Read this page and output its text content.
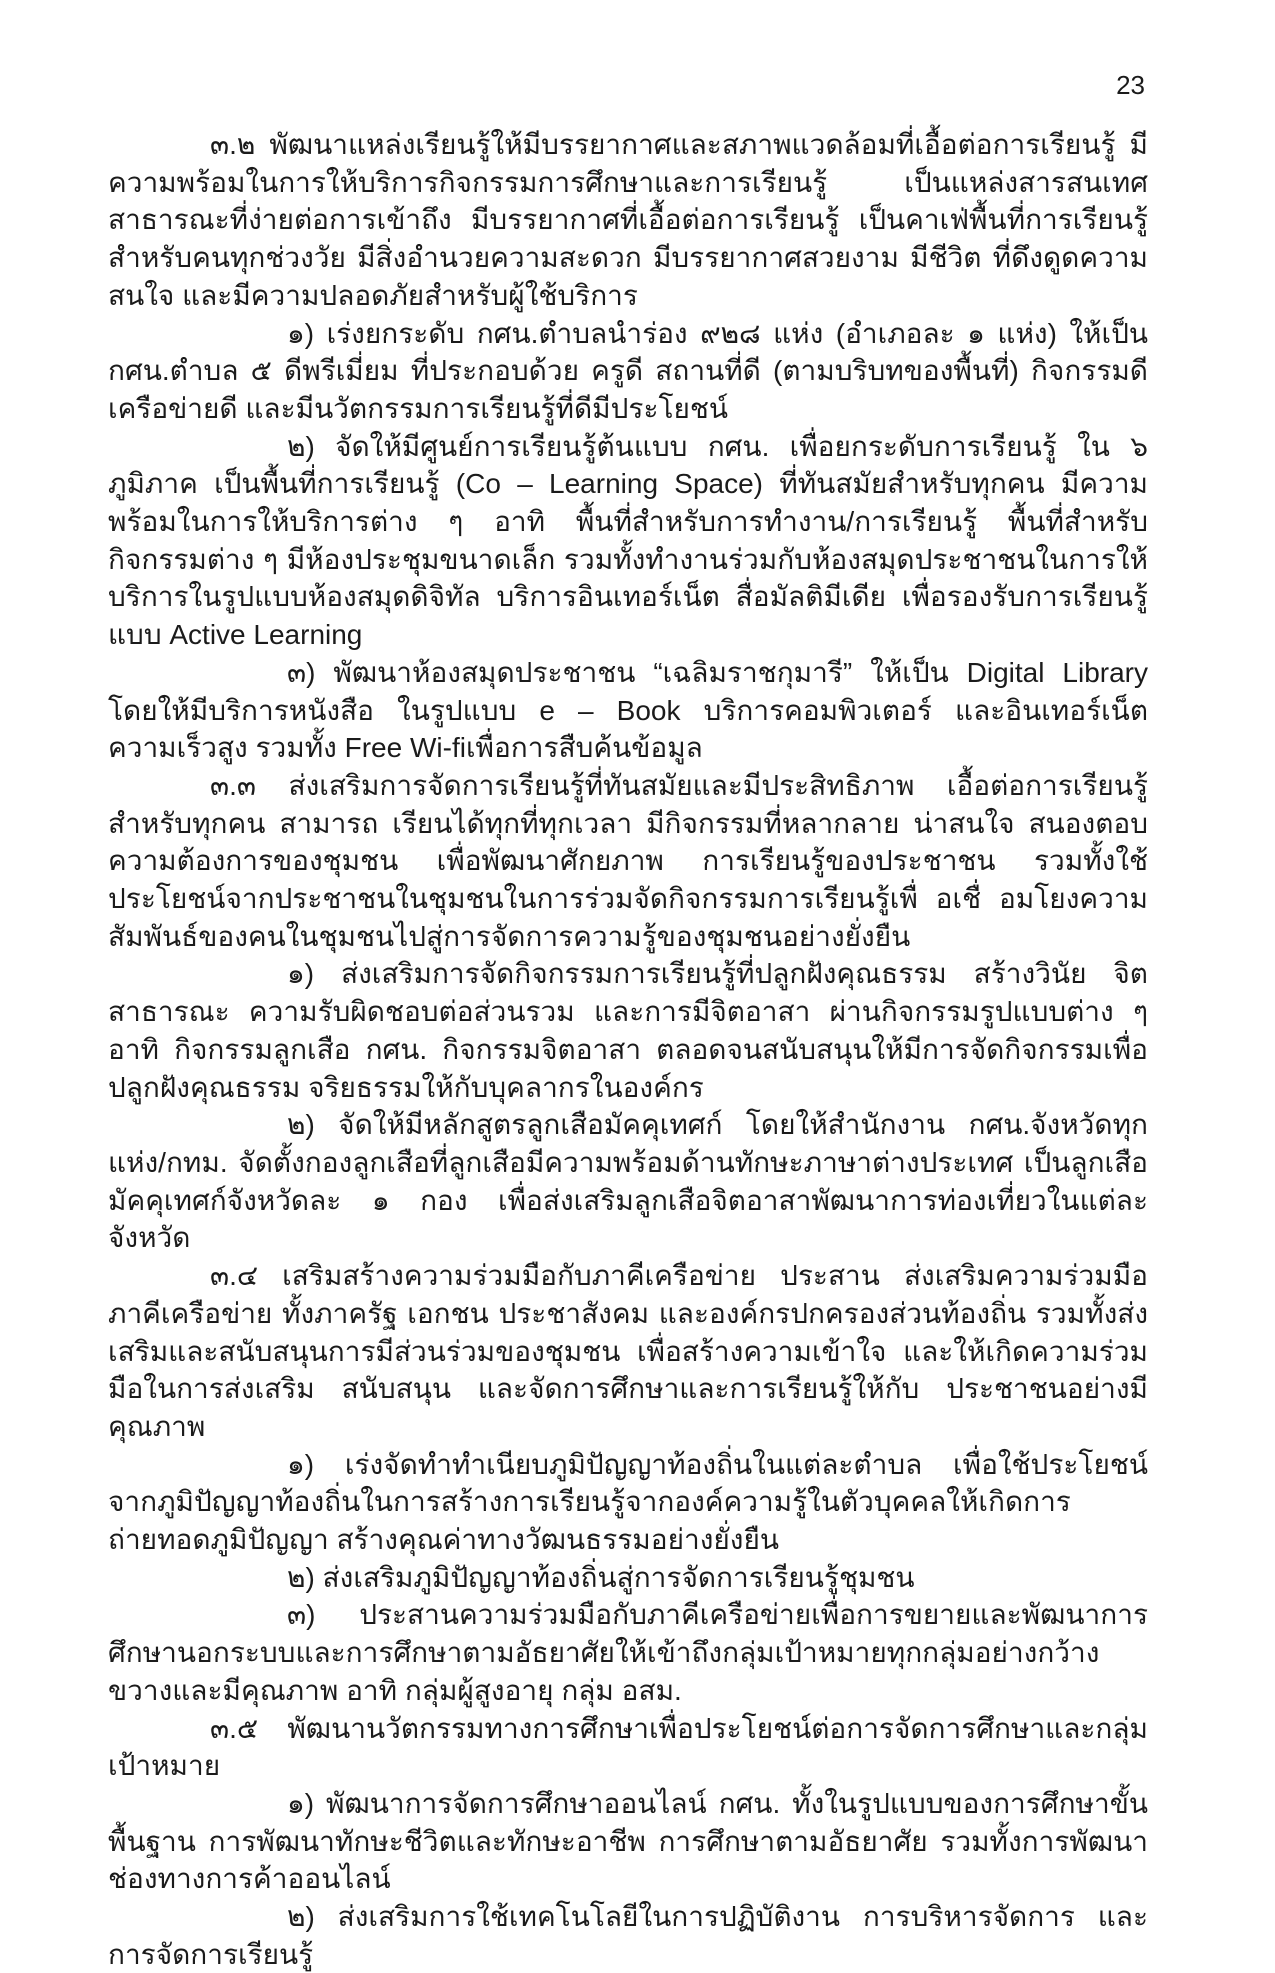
23

๓.๒ พัฒนาแหล่งเรียนรู้ให้มีบรรยากาศและสภาพแวดล้อมที่เอื้อต่อการเรียนรู้ มีความพร้อมในการให้บริการกิจกรรมการศึกษาและการเรียนรู้ เป็นแหล่งสารสนเทศสาธารณะที่ง่ายต่อการเข้าถึง มีบรรยากาศที่เอื้อต่อการเรียนรู้ เป็นคาเฟ่พื้นที่การเรียนรู้สำหรับคนทุกช่วงวัย มีสิ่งอำนวยความสะดวก มีบรรยากาศสวยงาม มีชีวิต ที่ดึงดูดความสนใจ และมีความปลอดภัยสำหรับผู้ใช้บริการ

๑) เร่งยกระดับ กศน.ตำบลนำร่อง ๙๒๘ แห่ง (อำเภอละ ๑ แห่ง) ให้เป็น กศน.ตำบล ๕ ดีพรีเมี่ยม ที่ประกอบด้วย ครูดี สถานที่ดี (ตามบริบทของพื้นที่) กิจกรรมดี เครือข่ายดี และมีนวัตกรรมการเรียนรู้ที่ดีมีประโยชน์

๒) จัดให้มีศูนย์การเรียนรู้ต้นแบบ กศน. เพื่อยกระดับการเรียนรู้ ใน ๖ ภูมิภาค เป็นพื้นที่การเรียนรู้ (Co – Learning Space) ที่ทันสมัยสำหรับทุกคน มีความพร้อมในการให้บริการต่าง ๆ อาทิ พื้นที่สำหรับการทำงาน/การเรียนรู้ พื้นที่สำหรับกิจกรรมต่าง ๆ มีห้องประชุมขนาดเล็ก รวมทั้งทำงานร่วมกับห้องสมุดประชาชนในการให้บริการในรูปแบบห้องสมุดดิจิทัล บริการอินเทอร์เน็ต สื่อมัลติมีเดีย เพื่อรองรับการเรียนรู้แบบ Active Learning

๓) พัฒนาห้องสมุดประชาชน “เฉลิมราชกุมารี” ให้เป็น Digital Library โดยให้มีบริการหนังสือ ในรูปแบบ e – Book บริการคอมพิวเตอร์ และอินเทอร์เน็ตความเร็วสูง รวมทั้ง Free Wi-fiเพื่อการสืบค้นข้อมูล

๓.๓ ส่งเสริมการจัดการเรียนรู้ที่ทันสมัยและมีประสิทธิภาพ เอื้อต่อการเรียนรู้สำหรับทุกคน สามารถ เรียนได้ทุกที่ทุกเวลา มีกิจกรรมที่หลากลาย น่าสนใจ สนองตอบความต้องการของชุมชน เพื่อพัฒนาศักยภาพ การเรียนรู้ของประชาชน รวมทั้งใช้ประโยชน์จากประชาชนในชุมชนในการร่วมจัดกิจกรรมการเรียนรู้เพื่ อเชื่ อมโยงความสัมพันธ์ของคนในชุมชนไปสู่การจัดการความรู้ของชุมชนอย่างยั่งยืน

๑) ส่งเสริมการจัดกิจกรรมการเรียนรู้ที่ปลูกฝังคุณธรรม สร้างวินัย จิตสาธารณะ ความรับผิดชอบต่อส่วนรวม และการมีจิตอาสา ผ่านกิจกรรมรูปแบบต่าง ๆ อาทิ กิจกรรมลูกเสือ กศน. กิจกรรมจิตอาสา ตลอดจนสนับสนุนให้มีการจัดกิจกรรมเพื่อปลูกฝังคุณธรรม จริยธรรมให้กับบุคลากรในองค์กร

๒) จัดให้มีหลักสูตรลูกเสือมัคคุเทศก์ โดยให้สำนักงาน กศน.จังหวัดทุกแห่ง/กทม. จัดตั้งกองลูกเสือที่ลูกเสือมีความพร้อมด้านทักษะภาษาต่างประเทศ เป็นลูกเสือมัคคุเทศก์จังหวัดละ ๑ กอง เพื่อส่งเสริมลูกเสือจิตอาสาพัฒนาการท่องเที่ยวในแต่ละจังหวัด

๓.๔ เสริมสร้างความร่วมมือกับภาคีเครือข่าย ประสาน ส่งเสริมความร่วมมือภาคีเครือข่าย ทั้งภาครัฐ เอกชน ประชาสังคม และองค์กรปกครองส่วนท้องถิ่น รวมทั้งส่งเสริมและสนับสนุนการมีส่วนร่วมของชุมชน เพื่อสร้างความเข้าใจ และให้เกิดความร่วมมือในการส่งเสริม สนับสนุน และจัดการศึกษาและการเรียนรู้ให้กับ ประชาชนอย่างมีคุณภาพ

๑) เร่งจัดทำทำเนียบภูมิปัญญาท้องถิ่นในแต่ละตำบล เพื่อใช้ประโยชน์จากภูมิปัญญาท้องถิ่นในการสร้างการเรียนรู้จากองค์ความรู้ในตัวบุคคลให้เกิดการถ่ายทอดภูมิปัญญา สร้างคุณค่าทางวัฒนธรรมอย่างยั่งยืน

๒) ส่งเสริมภูมิปัญญาท้องถิ่นสู่การจัดการเรียนรู้ชุมชน

๓) ประสานความร่วมมือกับภาคีเครือข่ายเพื่อการขยายและพัฒนาการศึกษานอกระบบและการศึกษาตามอัธยาศัยให้เข้าถึงกลุ่มเป้าหมายทุกกลุ่มอย่างกว้างขวางและมีคุณภาพ อาทิ กลุ่มผู้สูงอายุ กลุ่ม อสม.

๓.๕ พัฒนานวัตกรรมทางการศึกษาเพื่อประโยชน์ต่อการจัดการศึกษาและกลุ่มเป้าหมาย

๑) พัฒนาการจัดการศึกษาออนไลน์ กศน. ทั้งในรูปแบบของการศึกษาขั้นพื้นฐาน การพัฒนาทักษะชีวิตและทักษะอาชีพ การศึกษาตามอัธยาศัย รวมทั้งการพัฒนาช่องทางการค้าออนไลน์

๒) ส่งเสริมการใช้เทคโนโลยีในการปฏิบัติงาน การบริหารจัดการ และการจัดการเรียนรู้
